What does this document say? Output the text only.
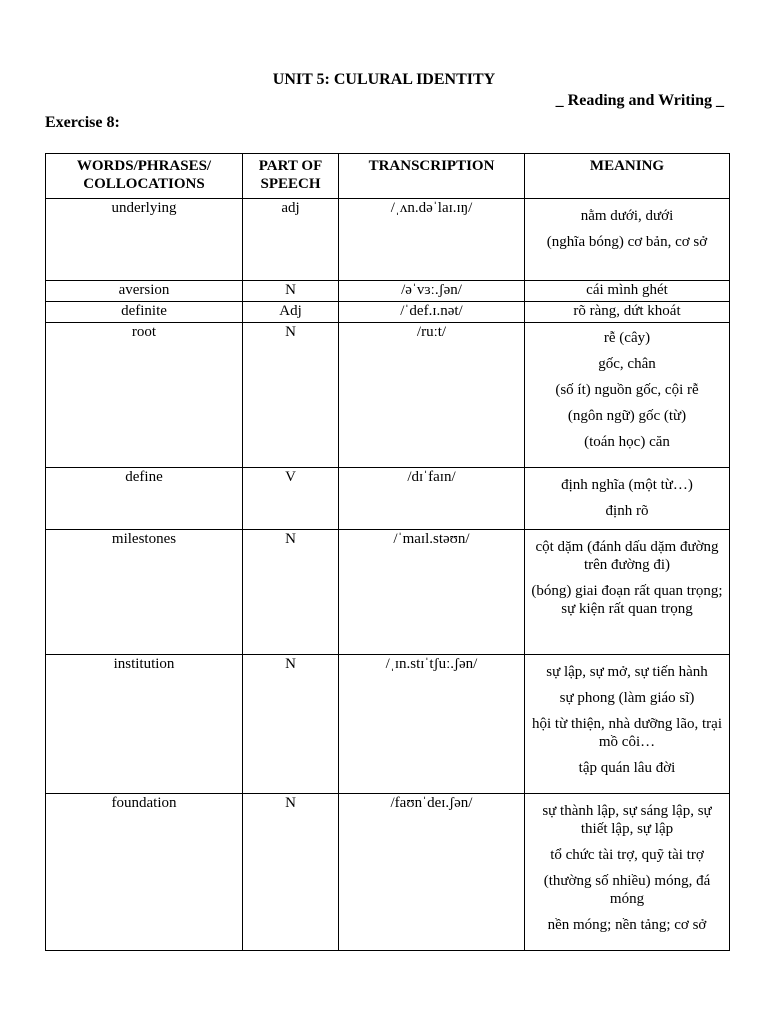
UNIT 5: CULURAL IDENTITY
_ Reading and Writing _
Exercise 8:
WORDS/PHRASES/ COLLOCATIONS	PART OF SPEECH	TRANSCRIPTION	MEANING
underlying	adj	/ˌʌn.dəˈlaɪ.ɪŋ/	nằm dưới, dưới
(nghĩa bóng) cơ bản, cơ sở

aversion	N	/əˈvɜː.ʃən/	cái mình ghét

definite	Adj	/ˈdef.ɪ.nət/	rõ ràng, dứt khoát

root	N	/ruːt/	rễ (cây)
gốc, chân
(số ít) nguồn gốc, cội rễ
(ngôn ngữ) gốc (từ)
(toán học) căn

define	V	/dɪˈfaɪn/	định nghĩa (một từ…)
định rõ

milestones	N	/ˈmaɪl.stəʊn/	cột dặm (đánh dấu dặm đường trên đường đi)
(bóng) giai đoạn rất quan trọng; sự kiện rất quan trọng

institution	N	/ˌɪn.stɪˈtʃuː.ʃən/	sự lập, sự mở, sự tiến hành
sự phong (làm giáo sĩ)
hội từ thiện, nhà dưỡng lão, trại mồ côi…
tập quán lâu đời

foundation	N	/faʊnˈdeɪ.ʃən/	sự thành lập, sự sáng lập, sự thiết lập, sự lập
tổ chức tài trợ, quỹ tài trợ
(thường số nhiều) móng, đá móng
nền móng; nền tảng; cơ sở
